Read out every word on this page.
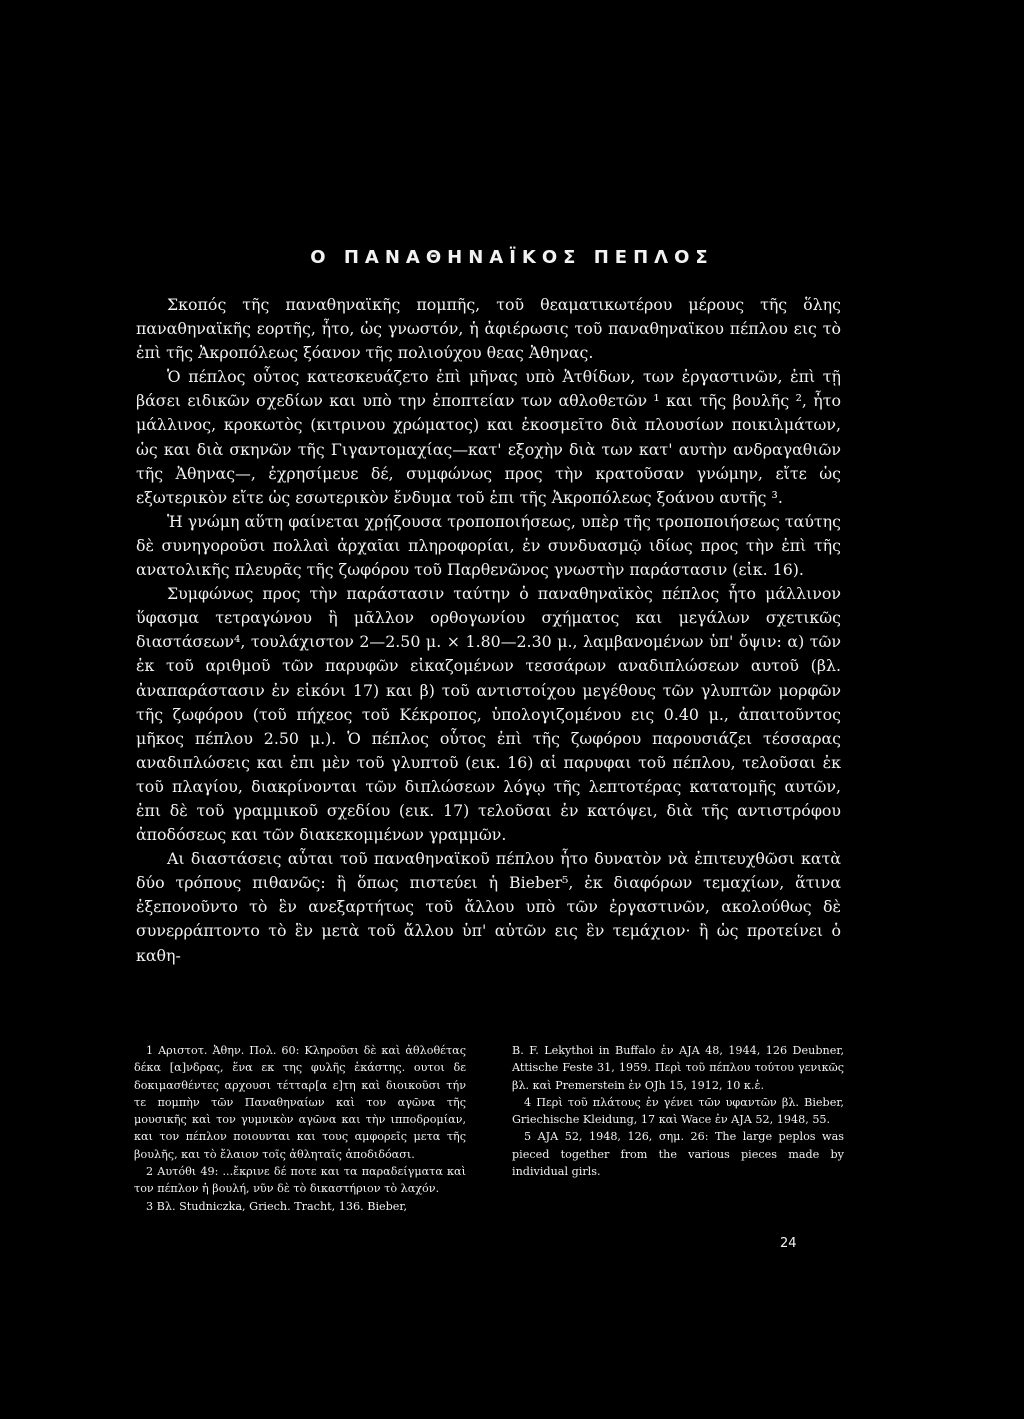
Ο ΠΑΝΑΘΗΝΑΪΚΟΣ ΠΕΠΛΟΣ

Σκοπός τῆς παναθηναϊκῆς πομπῆς, τοῦ θεαματικωτέρου μέρους τῆς ὅλης παναθηναϊκῆς εορτῆς, ἦτο, ὡς γνωστόν, ἡ ἀφιέρωσις τοῦ παναθηναϊκου πέπλου εις τὸ ἐπὶ τῆς Ἀκροπόλεως ξόανον τῆς πολιούχου θεας Ἀθηνας.

Ὁ πέπλος οὗτος κατεσκευάζετο ἐπὶ μῆνας υπὸ Ἀτθίδων, των ἐργαστινῶν, ἐπὶ τῇ βάσει ειδικῶν σχεδίων και υπὸ την ἐποπτείαν των αθλοθετῶν ¹ και τῆς βουλῆς ², ἦτο μάλλινος, κροκωτὸς (κιτρινου χρώματος) και ἐκοσμεῖτο διὰ πλουσίων ποικιλμάτων, ὡς και διὰ σκηνῶν τῆς Γιγαντομαχίας—κατ' εξοχὴν διὰ των κατ' αυτὴν ανδραγαθιῶν τῆς Ἀθηνας—, ἐχρησίμευε δέ, συμφώνως προς τὴν κρατοῦσαν γνώμην, εἴτε ὡς εξωτερικὸν εἴτε ὡς εσωτερικὸν ἔνδυμα τοῦ ἐπι τῆς Ἀκροπόλεως ξοάνου αυτῆς ³.

Ἡ γνώμη αὕτη φαίνεται χρῄζουσα τροποποιήσεως, υπὲρ τῆς τροποποιήσεως ταύτης δὲ συνηγοροῦσι πολλαὶ ἀρχαῖαι πληροφορίαι, ἐν συνδυασμῷ ιδίως προς τὴν ἐπὶ τῆς ανατολικῆς πλευρᾶς τῆς ζωφόρου τοῦ Παρθενῶνος γνωστὴν παράστασιν (εἰκ. 16).

Συμφώνως προς τὴν παράστασιν ταύτην ὁ παναθηναϊκὸς πέπλος ἦτο μάλλινον ὕφασμα τετραγώνου ἢ μᾶλλον ορθογωνίου σχήματος και μεγάλων σχετικῶς διαστάσεων⁴, τουλάχιστον 2—2.50 μ. × 1.80—2.30 μ., λαμβανομένων ὑπ' ὄψιν: α) τῶν ἐκ τοῦ αριθμοῦ τῶν παρυφῶν εἰκαζομένων τεσσάρων αναδιπλώσεων αυτοῦ (βλ. ἀναπαράστασιν ἐν εἰκόνι 17) και β) τοῦ αντιστοίχου μεγέθους τῶν γλυπτῶν μορφῶν τῆς ζωφόρου (τοῦ πήχεος τοῦ Κέκροπος, ὑπολογιζομένου εις 0.40 μ., ἀπαιτοῦντος μῆκος πέπλου 2.50 μ.). Ὁ πέπλος οὗτος ἐπὶ τῆς ζωφόρου παρουσιάζει τέσσαρας αναδιπλώσεις και ἐπι μὲν τοῦ γλυπτοῦ (εικ. 16) αἱ παρυφαι τοῦ πέπλου, τελοῦσαι ἐκ τοῦ πλαγίου, διακρίνονται τῶν διπλώσεων λόγῳ τῆς λεπτοτέρας κατατομῆς αυτῶν, ἐπι δὲ τοῦ γραμμικοῦ σχεδίου (εικ. 17) τελοῦσαι ἐν κατόψει, διὰ τῆς αντιστρόφου ἀποδόσεως και τῶν διακεκομμένων γραμμῶν.

Αι διαστάσεις αὗται τοῦ παναθηναϊκοῦ πέπλου ἦτο δυνατὸν νὰ ἐπιτευχθῶσι κατὰ δύο τρόπους πιθανῶς: ἢ ὅπως πιστεύει ἡ Bieber⁵, ἐκ διαφόρων τεμαχίων, ἅτινα ἐξεπονοῦντο τὸ ἓν ανεξαρτήτως τοῦ ἄλλου υπὸ τῶν ἐργαστινῶν, ακολούθως δὲ συνερράπτοντο τὸ ἓν μετὰ τοῦ ἄλλου ὑπ' αὐτῶν εις ἓν τεμάχιον· ἢ ὡς προτείνει ὁ καθη-

1 Αριστοτ. Ἀθην. Πολ. 60: Κληροῦσι δὲ καὶ ἀθλοθέτας δέκα [α]νδρας, ἕνα εκ της φυλῆς ἑκάστης. ουτοι δε δοκιμασθέντες αρχουσι τέτταρ[α ε]τη καὶ διοικοῦσι τήν τε πομπὴν τῶν Παναθηναίων καὶ τον αγῶνα τῆς μουσικῆς καὶ τον γυμνικὸν αγῶνα και τὴν ιπποδρομίαν, και τον πέπλον ποιουνται και τους αμφορεῖς μετα τῆς βουλῆς, και τὸ ἔλαιον τοῖς ἀθληταῖς ἀποδιδόασι.

2 Αυτόθι 49: ...ἔκρινε δέ ποτε και τα παραδείγματα καὶ τον πέπλον ἡ βουλή, νῦν δὲ τὸ δικαστήριον τὸ λαχόν.

3 Βλ. Studniczka, Griech. Tracht, 136. Bieber,

B. F. Lekythoi in Buffalo ἐν AJA 48, 1944, 126 Deubner, Attische Feste 31, 1959. Περὶ τοῦ πέπλου τούτου γενικῶς βλ. καὶ Premerstein ἐν OJh 15, 1912, 10 κ.ἑ.

4 Περὶ τοῦ πλάτους ἐν γένει τῶν υφαντῶν βλ. Bieber, Griechische Kleidung, 17 καὶ Wace ἐν AJA 52, 1948, 55.

5 AJA 52, 1948, 126, σημ. 26: The large peplos was pieced together from the various pieces made by individual girls.

24
